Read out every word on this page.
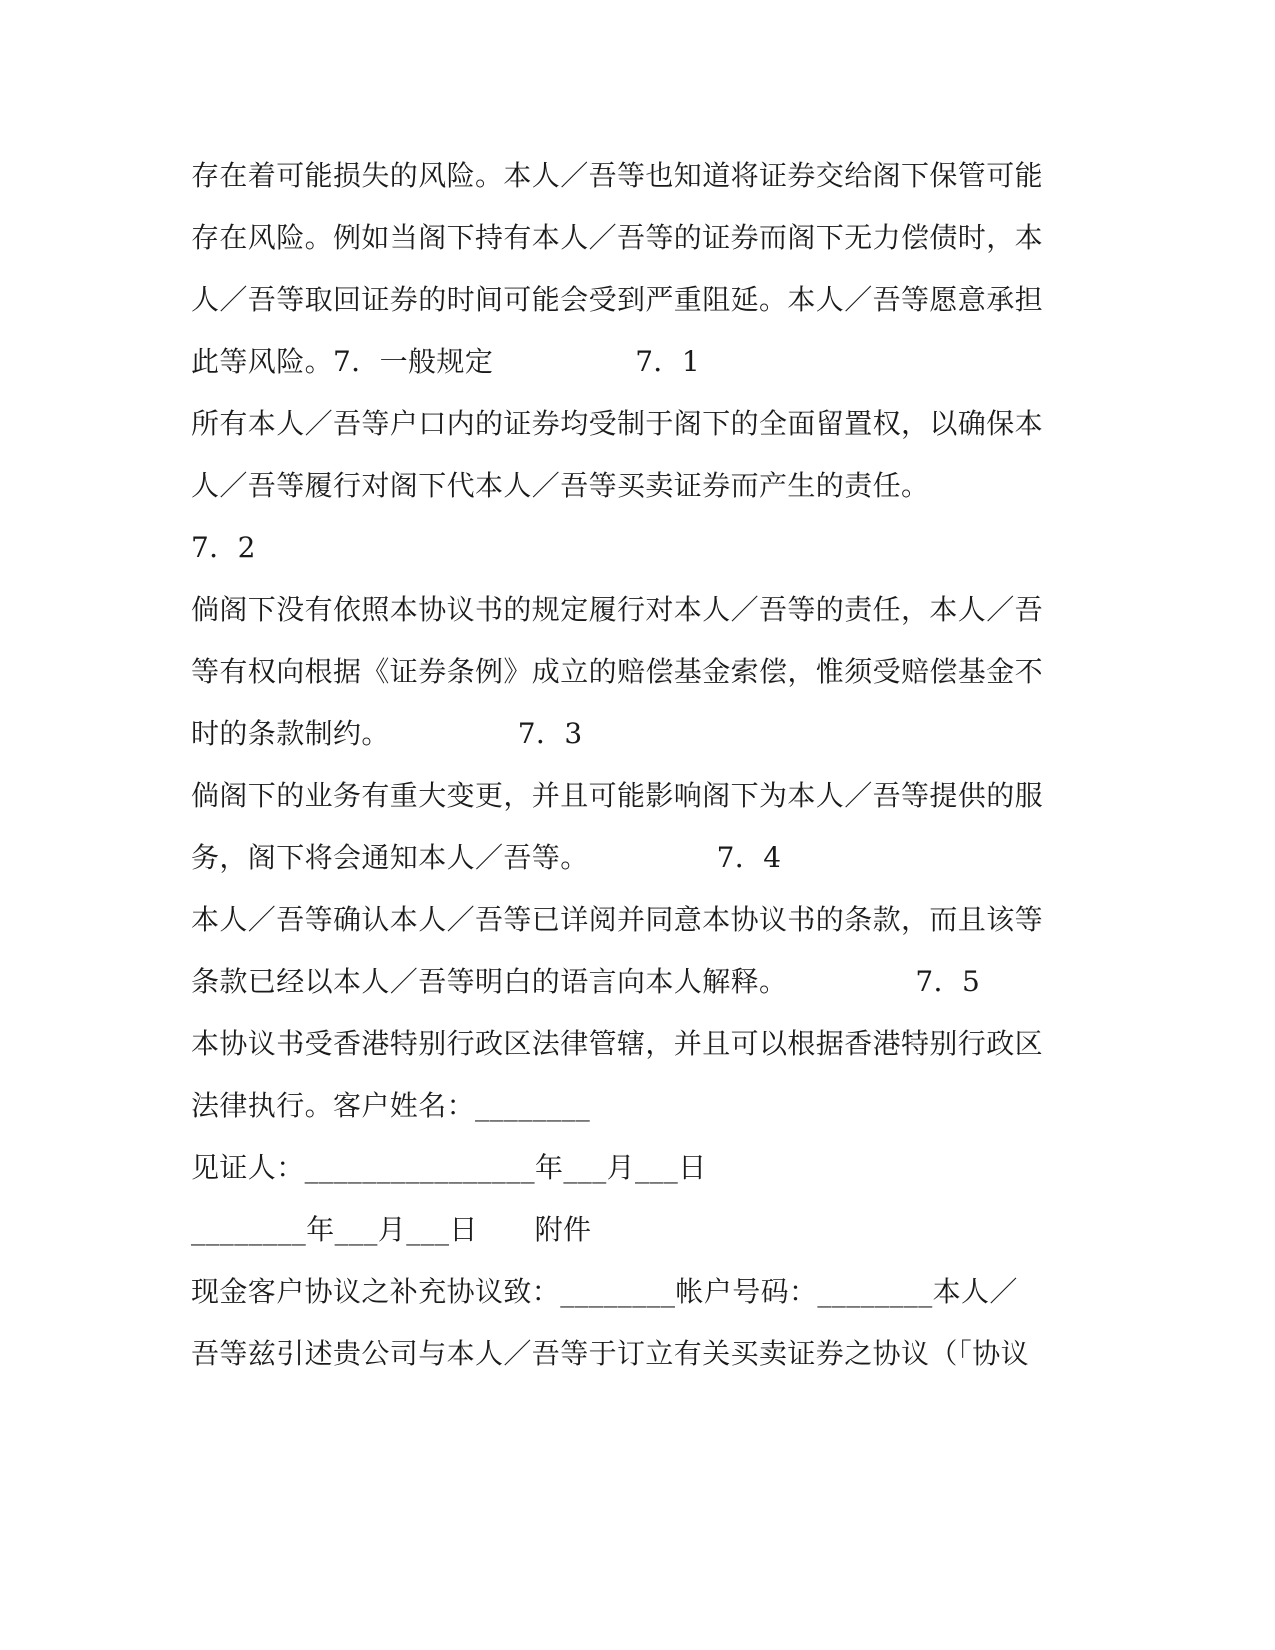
存在着可能损失的风险。本人／吾等也知道将证券交给阁下保管可能
存在风险。例如当阁下持有本人／吾等的证券而阁下无力偿债时，本
人／吾等取回证券的时间可能会受到严重阻延。本人／吾等愿意承担
此等风险。7．一般规定　　　　　7．1
所有本人／吾等户口内的证券均受制于阁下的全面留置权，以确保本
人／吾等履行对阁下代本人／吾等买卖证券而产生的责任。
7．2
倘阁下没有依照本协议书的规定履行对本人／吾等的责任，本人／吾
等有权向根据《证券条例》成立的赔偿基金索偿，惟须受赔偿基金不
时的条款制约。　　　　　7．3
倘阁下的业务有重大变更，并且可能影响阁下为本人／吾等提供的服
务，阁下将会通知本人／吾等。　　　　　7．4
本人／吾等确认本人／吾等已详阅并同意本协议书的条款，而且该等
条款已经以本人／吾等明白的语言向本人解释。　　　　　7．5
本协议书受香港特别行政区法律管辖，并且可以根据香港特别行政区
法律执行。客户姓名：________
见证人：________________年___月___日
________年___月___日　　附件
现金客户协议之补充协议致：________帐户号码：________本人／
吾等兹引述贵公司与本人／吾等于订立有关买卖证券之协议（「协议
